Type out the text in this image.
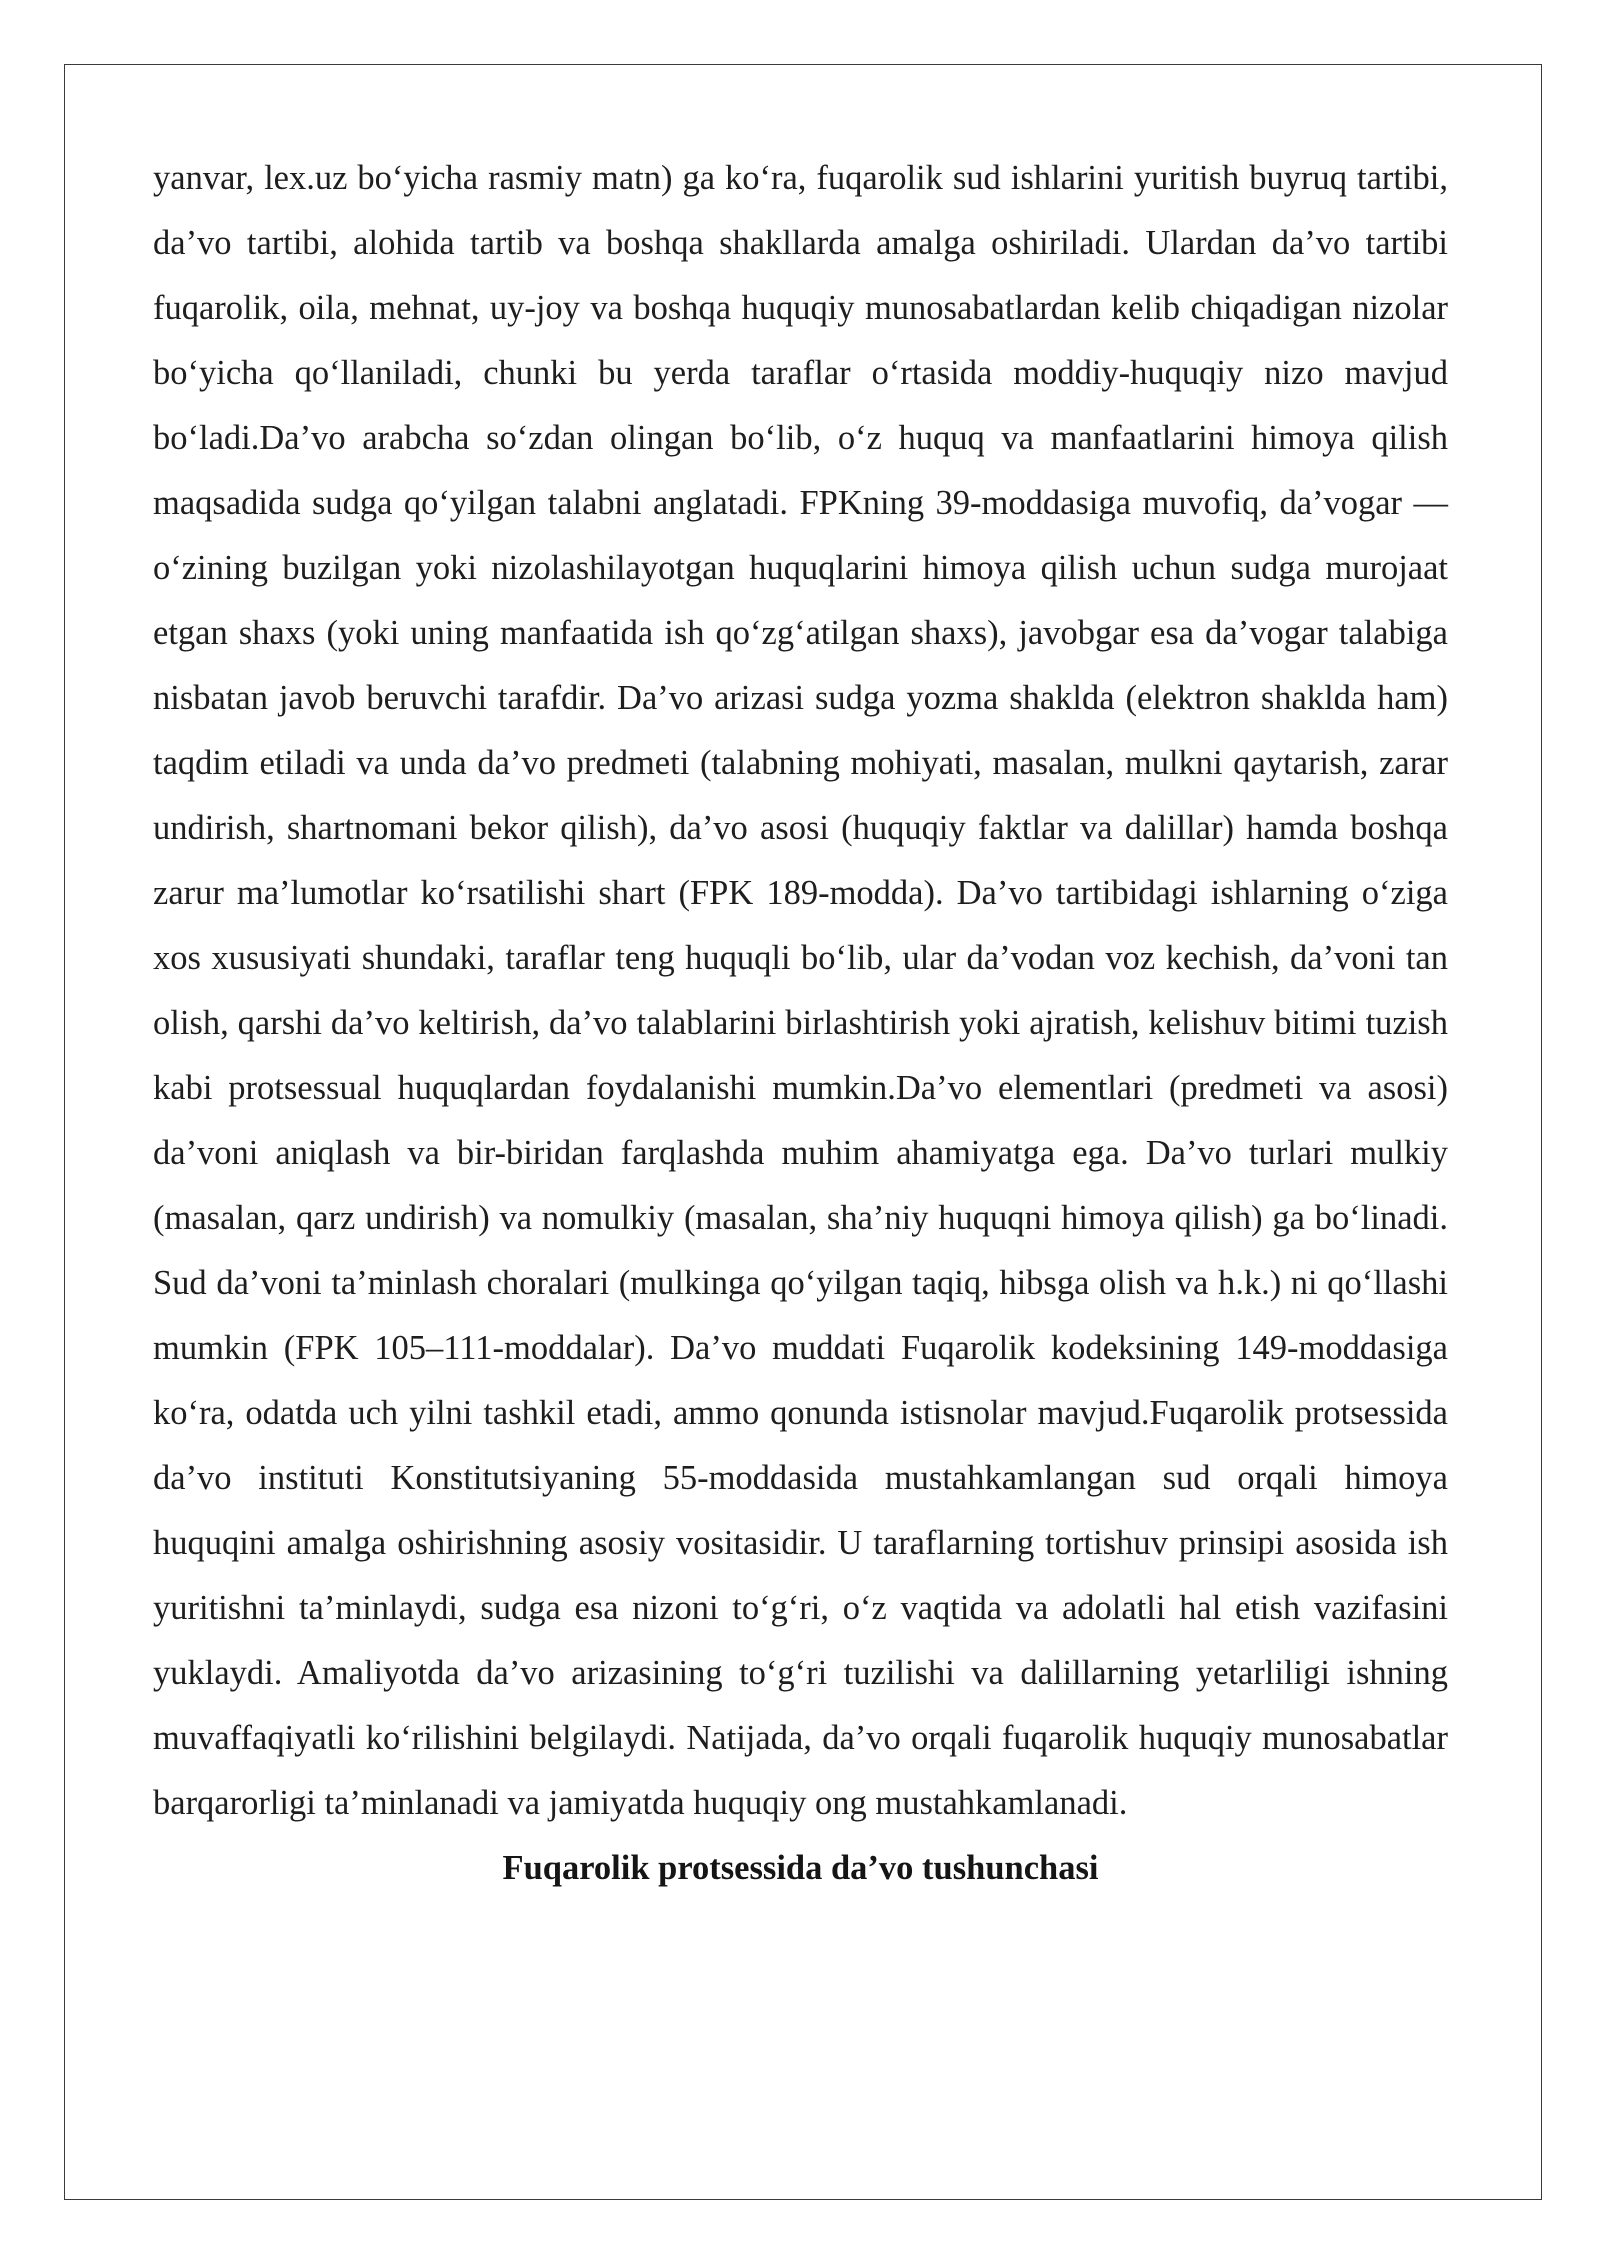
yanvar, lex.uz bo‘yicha rasmiy matn) ga ko‘ra, fuqarolik sud ishlarini yuritish buyruq tartibi, da’vo tartibi, alohida tartib va boshqa shakllarda amalga oshiriladi. Ulardan da’vo tartibi fuqarolik, oila, mehnat, uy-joy va boshqa huquqiy munosabatlardan kelib chiqadigan nizolar bo‘yicha qo‘llaniladi, chunki bu yerda taraflar o‘rtasida moddiy-huquqiy nizo mavjud bo‘ladi.Da’vo arabcha so‘zdan olingan bo‘lib, o‘z huquq va manfaatlarini himoya qilish maqsadida sudga qo‘yilgan talabni anglatadi. FPKning 39-moddasiga muvofiq, da’vogar — o‘zining buzilgan yoki nizolashilayotgan huquqlarini himoya qilish uchun sudga murojaat etgan shaxs (yoki uning manfaatida ish qo‘zg‘atilgan shaxs), javobgar esa da’vogar talabiga nisbatan javob beruvchi tarafdir. Da’vo arizasi sudga yozma shaklda (elektron shaklda ham) taqdim etiladi va unda da’vo predmeti (talabning mohiyati, masalan, mulkni qaytarish, zarar undirish, shartnomani bekor qilish), da’vo asosi (huquqiy faktlar va dalillar) hamda boshqa zarur ma’lumotlar ko‘rsatilishi shart (FPK 189-modda). Da’vo tartibidagi ishlarning o‘ziga xos xususiyati shundaki, taraflar teng huquqli bo‘lib, ular da’vodan voz kechish, da’voni tan olish, qarshi da’vo keltirish, da’vo talablarini birlashtirish yoki ajratish, kelishuv bitimi tuzish kabi protsessual huquqlardan foydalanishi mumkin.Da’vo elementlari (predmeti va asosi) da’voni aniqlash va bir-biridan farqlashda muhim ahamiyatga ega. Da’vo turlari mulkiy (masalan, qarz undirish) va nomulkiy (masalan, sha’niy huquqni himoya qilish) ga bo‘linadi. Sud da’voni ta’minlash choralari (mulkinga qo‘yilgan taqiq, hibsga olish va h.k.) ni qo‘llashi mumkin (FPK 105–111-moddalar). Da’vo muddati Fuqarolik kodeksining 149-moddasiga ko‘ra, odatda uch yilni tashkil etadi, ammo qonunda istisnolar mavjud.Fuqarolik protsessida da’vo instituti Konstitutsiyaning 55-moddasida mustahkamlangan sud orqali himoya huquqini amalga oshirishning asosiy vositasidir. U taraflarning tortishuv prinsipi asosida ish yuritishni ta’minlaydi, sudga esa nizoni to‘g‘ri, o‘z vaqtida va adolatli hal etish vazifasini yuklaydi. Amaliyotda da’vo arizasining to‘g‘ri tuzilishi va dalillarning yetarliligi ishning muvaffaqiyatli ko‘rilishini belgilaydi. Natijada, da’vo orqali fuqarolik huquqiy munosabatlar barqarorligi ta’minlanadi va jamiyatda huquqiy ong mustahkamlanadi.

Fuqarolik protsessida da’vo tushunchasi
